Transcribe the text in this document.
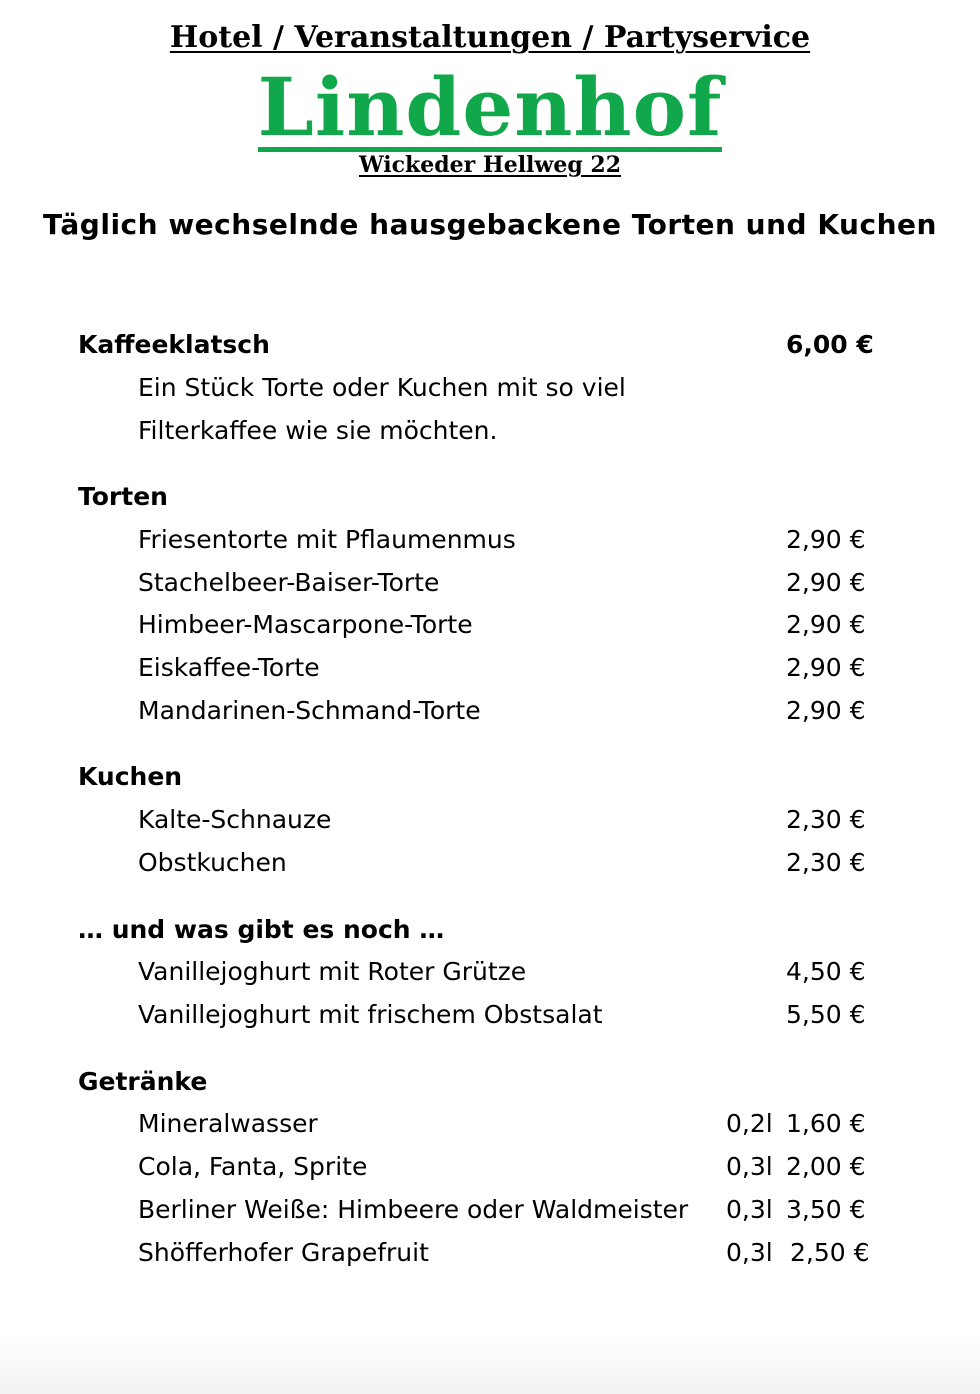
Hotel / Veranstaltungen / Partyservice
Lindenhof
Wickeder Hellweg 22
Täglich wechselnde hausgebackene Torten und Kuchen
Kaffeeklatsch	6,00 €
Ein Stück Torte oder Kuchen mit so viel
Filterkaffee wie sie möchten.
Torten
Friesentorte mit Pflaumenmus	2,90 €
Stachelbeer-Baiser-Torte	2,90 €
Himbeer-Mascarpone-Torte	2,90 €
Eiskaffee-Torte	2,90 €
Mandarinen-Schmand-Torte	2,90 €
Kuchen
Kalte-Schnauze	2,30 €
Obstkuchen	2,30 €
… und was gibt es noch …
Vanillejoghurt mit Roter Grütze	4,50 €
Vanillejoghurt mit frischem Obstsalat	5,50 €
Getränke
Mineralwasser	0,2l 1,60 €
Cola, Fanta, Sprite	0,3l 2,00 €
Berliner Weiße: Himbeere oder Waldmeister 0,3l 3,50 €
Shöfferhofer Grapefruit	0,3l 2,50 €
